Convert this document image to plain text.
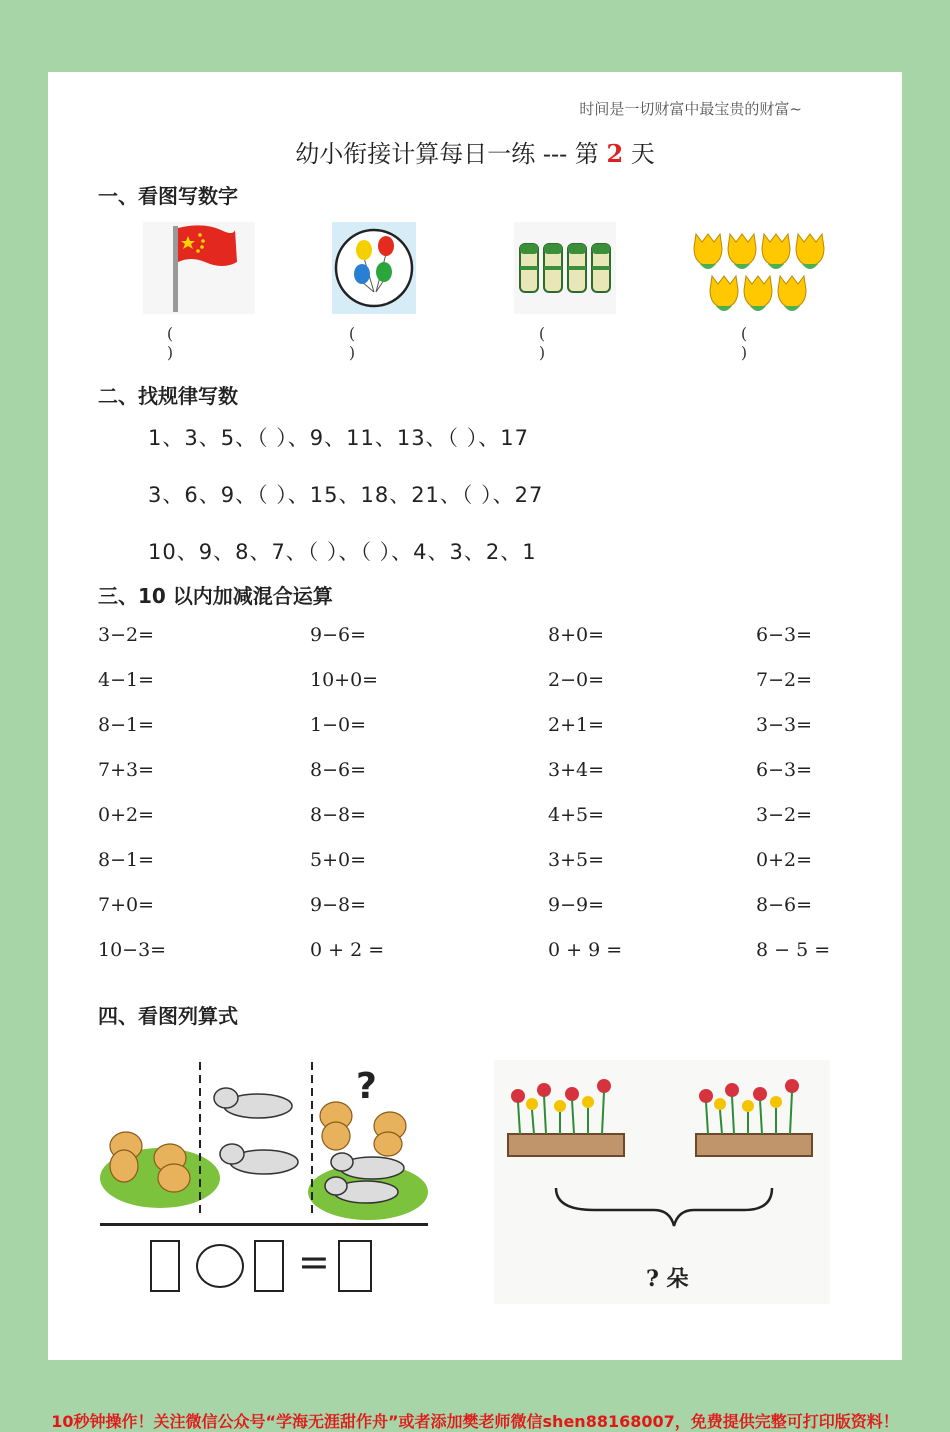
时间是一切财富中最宝贵的财富~
幼小衔接计算每日一练 --- 第 2 天
一、看图写数字
( )
( )
( )
( )
二、找规律写数
1、3、5、（ ）、9、11、13、（ ）、17
3、6、9、（ ）、15、18、21、（ ）、27
10、9、8、7、（ ）、（ ）、4、3、2、1
三、10 以内加减混合运算
3−2=
4−1=
8−1=
7+3=
0+2=
8−1=
7+0=
10−3=
9−6=
10+0=
1−0=
8−6=
8−8=
5+0=
9−8=
0 + 2 =
8+0=
2−0=
2+1=
3+4=
4+5=
3+5=
9−9=
0 + 9 =
6−3=
7−2=
3−3=
6−3=
3−2=
0+2=
8−6=
8 − 5 =
四、看图列算式
?
=	? 朵
10秒钟操作！关注微信公众号“学海无涯甜作舟”或者添加樊老师微信shen88168007，免费提供完整可打印版资料！
